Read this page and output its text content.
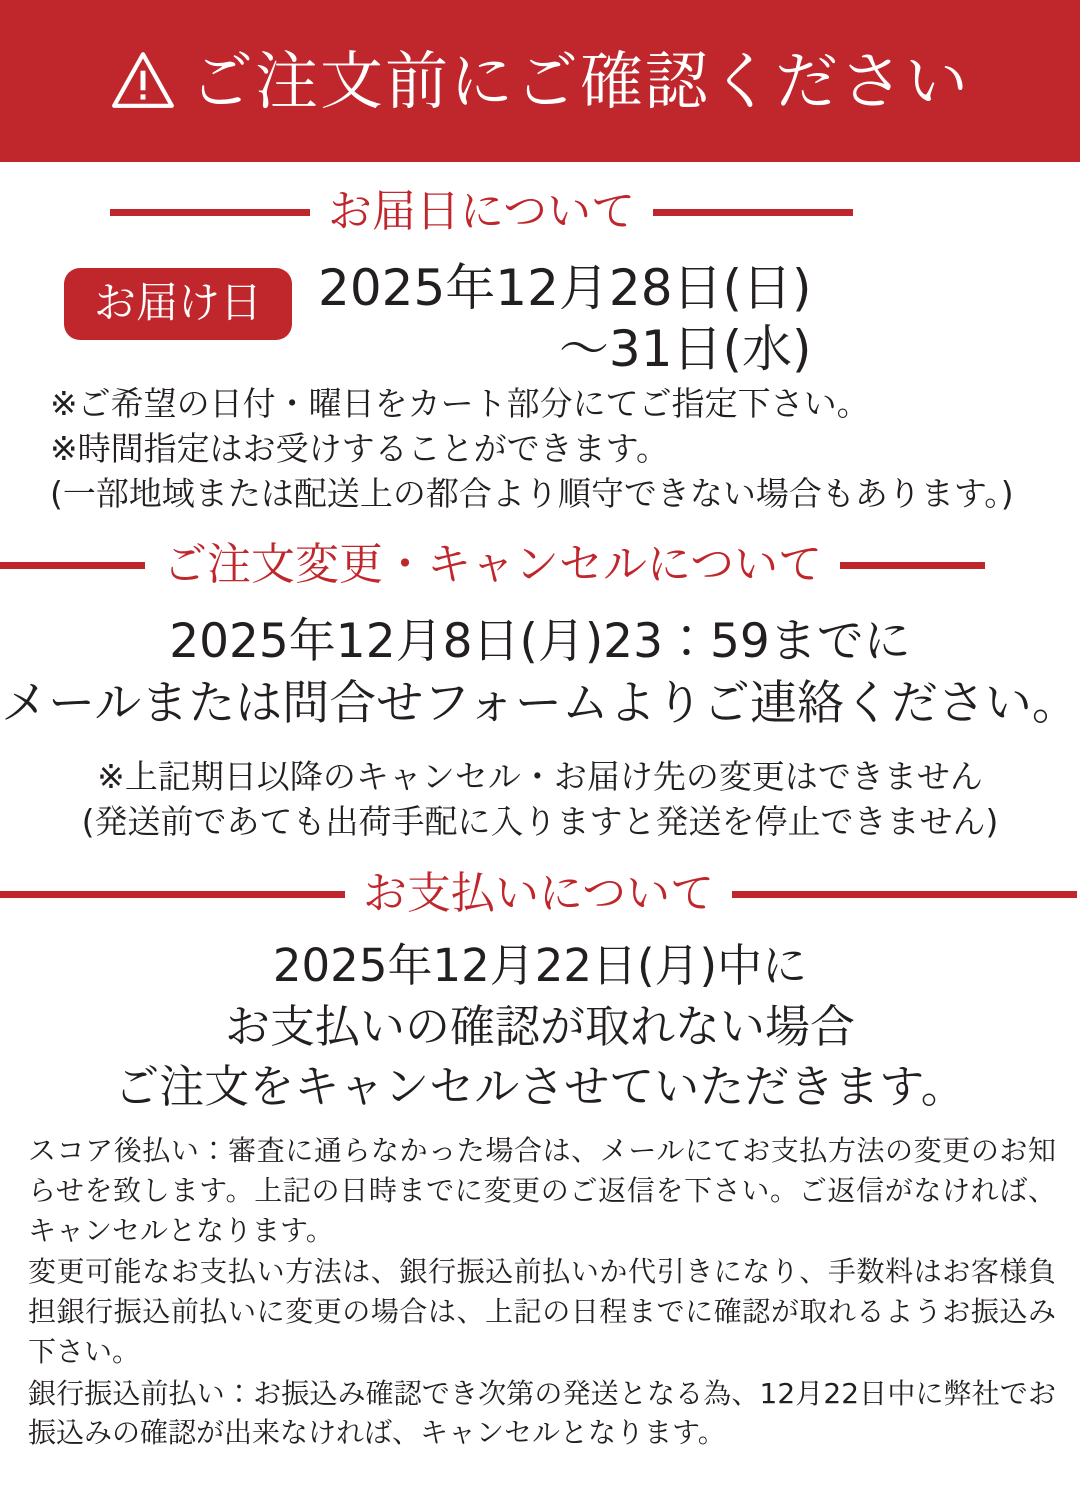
ご注文前にご確認ください
お届日について
お届け日	2025年12月28日(日)
〜31日(水)
※ご希望の日付・曜日をカート部分にてご指定下さい。
※時間指定はお受けすることができます。
(一部地域または配送上の都合より順守できない場合もあります。)
ご注文変更・キャンセルについて
2025年12月8日(月)23：59までに
メールまたは問合せフォームよりご連絡ください。
※上記期日以降のキャンセル・お届け先の変更はできません
(発送前であても出荷手配に入りますと発送を停止できません)
お支払いについて
2025年12月22日(月)中に
お支払いの確認が取れない場合
ご注文をキャンセルさせていただきます。

スコア後払い：審査に通らなかった場合は、メールにてお支払方法の変更のお知らせを致します。上記の日時までに変更のご返信を下さい。ご返信がなければ、キャンセルとなります。

変更可能なお支払い方法は、銀行振込前払いか代引きになり、手数料はお客様負担銀行振込前払いに変更の場合は、上記の日程までに確認が取れるようお振込み下さい。

銀行振込前払い：お振込み確認でき次第の発送となる為、12月22日中に弊社でお振込みの確認が出来なければ、キャンセルとなります。
